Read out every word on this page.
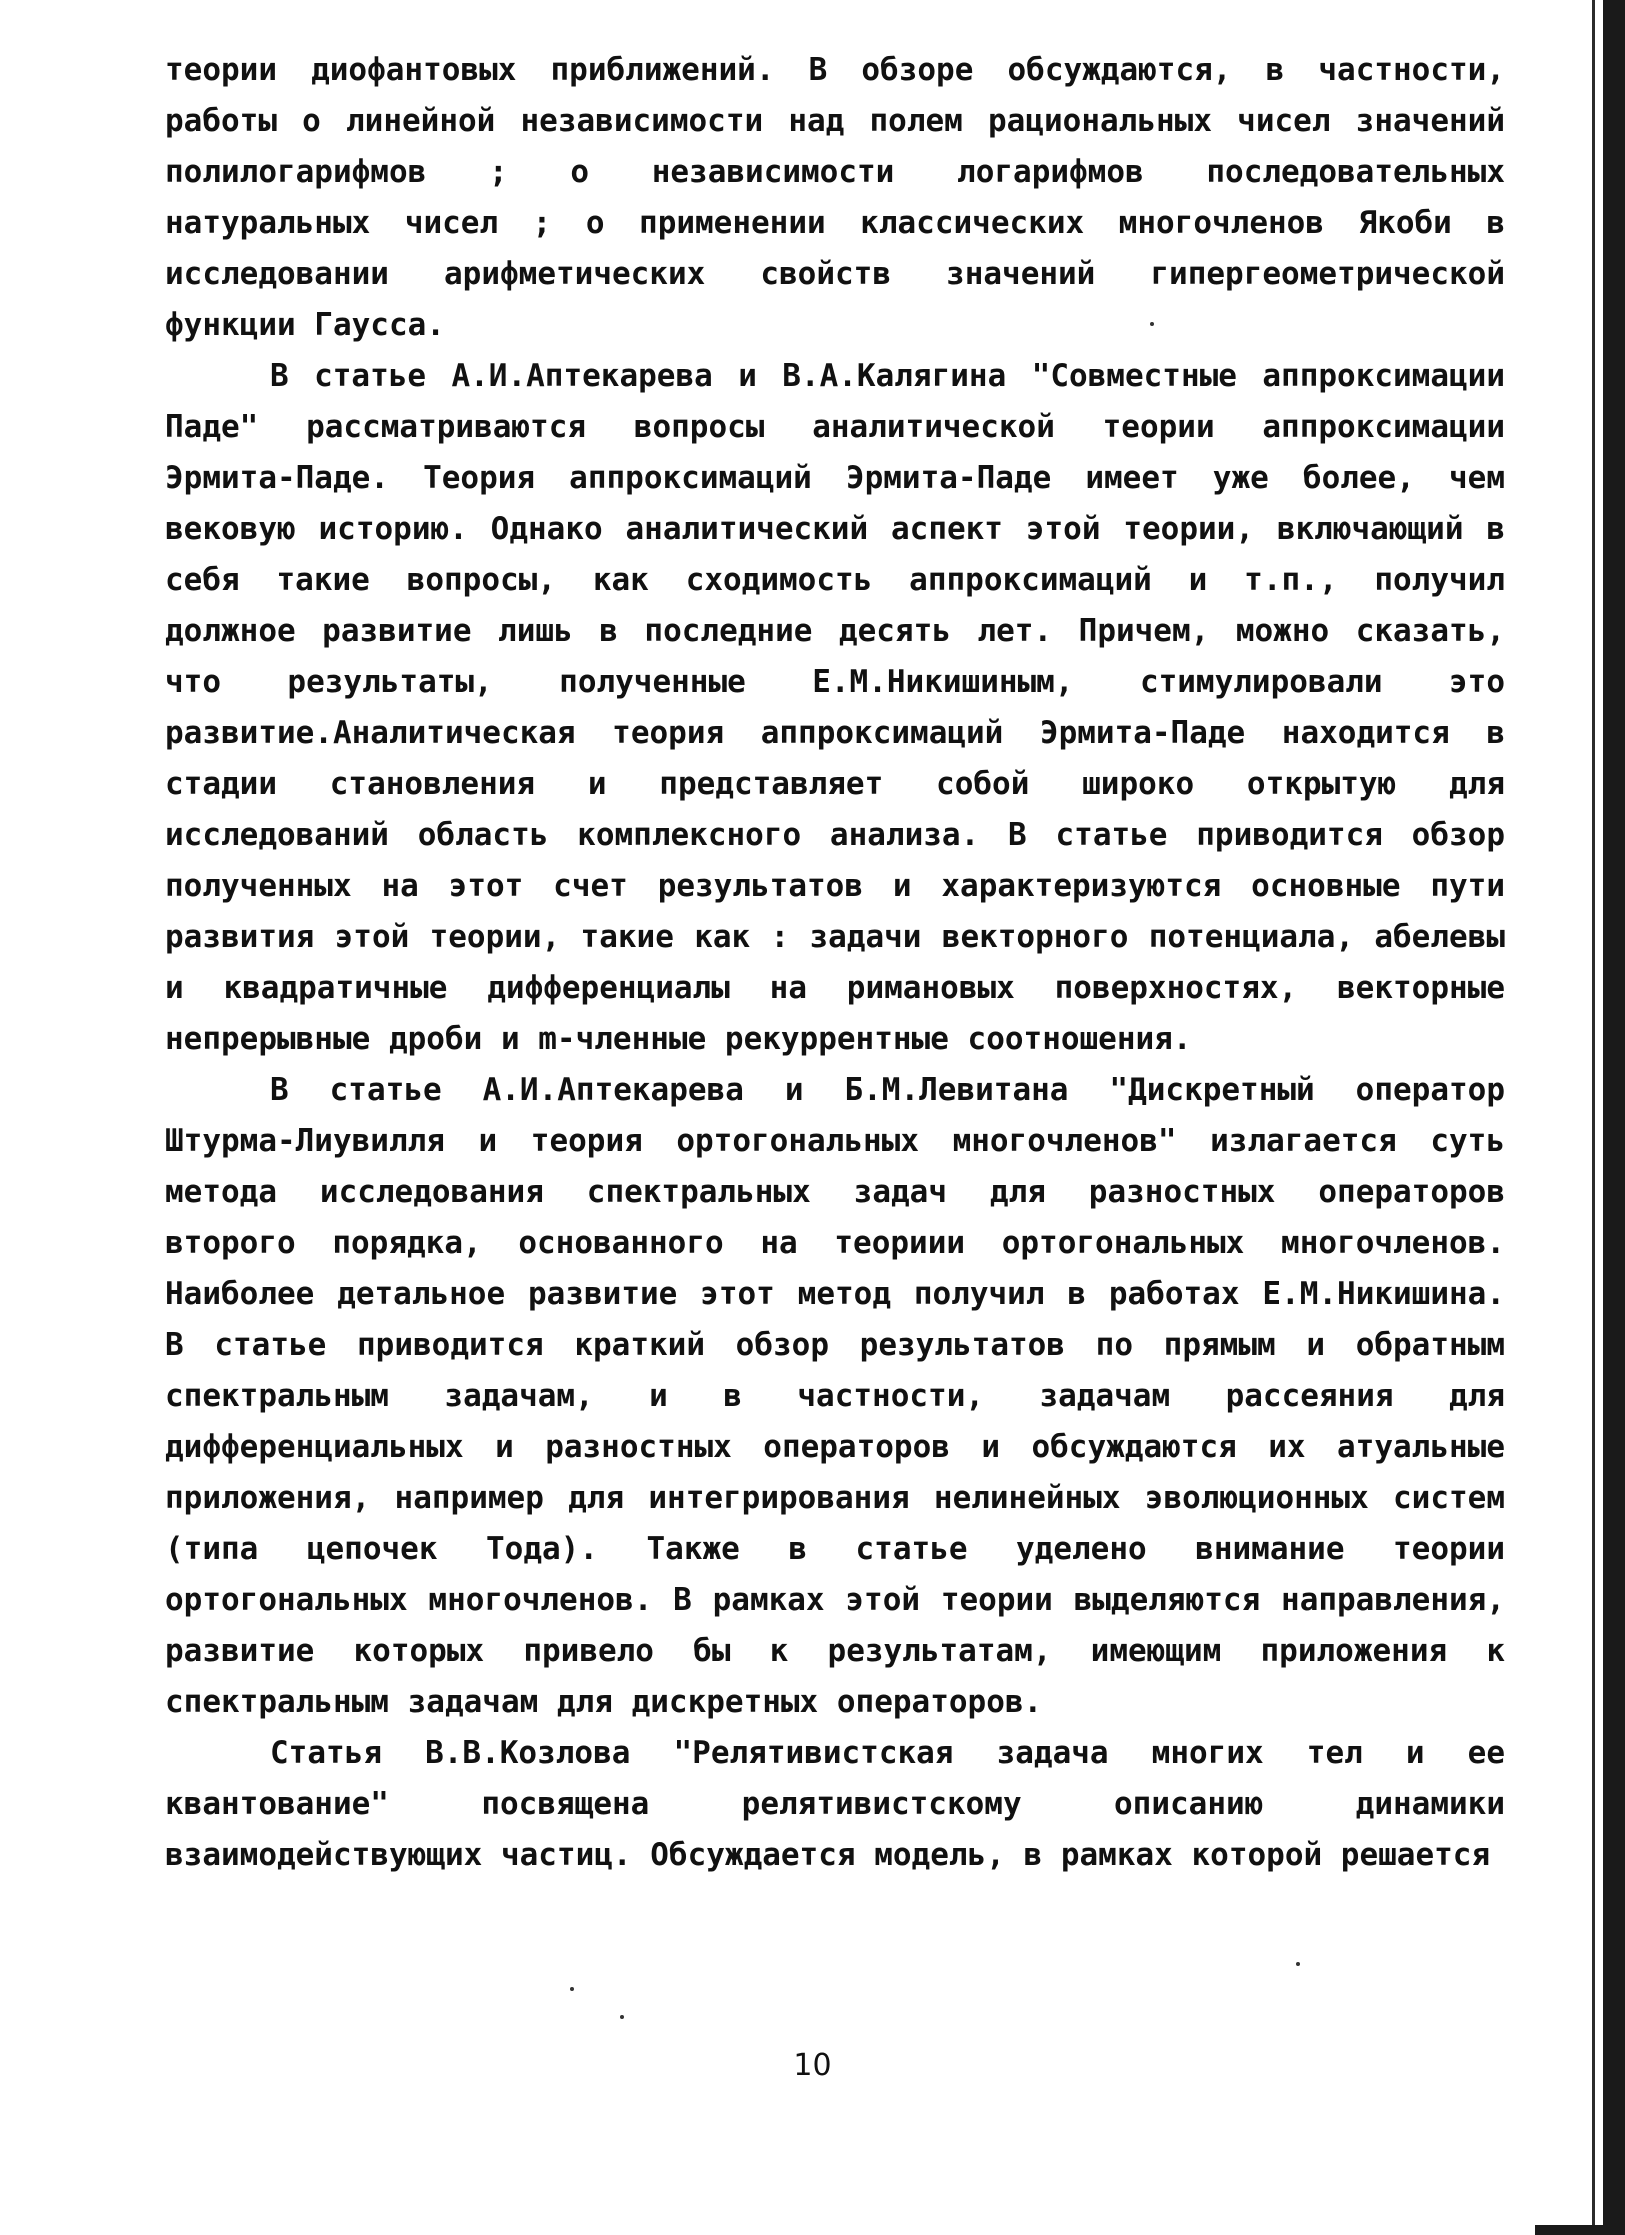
теории диофантовых приближений. В обзоре обсуждаются, в частности, работы о линейной независимости над полем рациональных чисел значений полилогарифмов ; о независимости логарифмов последовательных натуральных чисел ; о применении классических многочленов Якоби в исследовании арифметических свойств значений гипергеометрической функции Гаусса.

В статье А.И.Аптекарева и В.А.Калягина "Совместные аппроксимации Паде" рассматриваются вопросы аналитической теории аппроксимации Эрмита-Паде. Теория аппроксимаций Эрмита-Паде имеет уже более, чем вековую историю. Однако аналитический аспект этой теории, включающий в себя такие вопросы, как сходимость аппроксимаций и т.п., получил должное развитие лишь в последние десять лет. Причем, можно сказать, что результаты, полученные Е.М.Никишиным, стимулировали это развитие.Аналитическая теория аппроксимаций Эрмита-Паде находится в стадии становления и представляет собой широко открытую для исследований область комплексного анализа. В статье приводится обзор полученных на этот счет результатов и характеризуются основные пути развития этой теории, такие как : задачи векторного потенциала, абелевы и квадратичные дифференциалы на римановых поверхностях, векторные непрерывные дроби и m-членные рекуррентные соотношения.

В статье А.И.Аптекарева и Б.М.Левитана "Дискретный оператор Штурма-Лиувилля и теория ортогональных многочленов" излагается суть метода исследования спектральных задач для разностных операторов второго порядка, основанного на теориии ортогональных многочленов. Наиболее детальное развитие этот метод получил в работах Е.М.Никишина. В статье приводится краткий обзор результатов по прямым и обратным спектральным задачам, и в частности, задачам рассеяния для дифференциальных и разностных операторов и обсуждаются их атуальные приложения, например для интегрирования нелинейных эволюционных систем (типа цепочек Тода). Также в статье уделено внимание теории ортогональных многочленов. В рамках этой теории выделяются направления, развитие которых привело бы к результатам, имеющим приложения к спектральным задачам для дискретных операторов.

Статья В.В.Козлова "Релятивистская задача многих тел и ее квантование" посвящена релятивистскому описанию динамики взаимодействующих частиц. Обсуждается модель, в рамках которой решается

10
